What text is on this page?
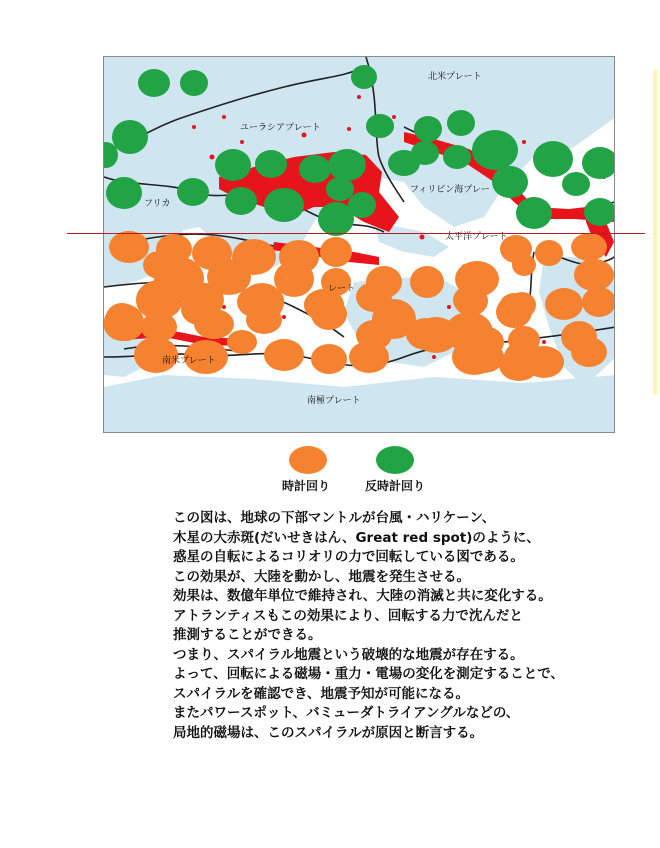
北米プレート
ユーラシアプレート
フリカ
フィリピン海プレー
太平洋プレート
レート
南米プレート
南極プレート
時計回り	反時計回り
この図は、地球の下部マントルが台風・ハリケーン、
木星の大赤斑(だいせきはん、Great red spot)のように、
惑星の自転によるコリオリの力で回転している図である。
この効果が、大陸を動かし、地震を発生させる。
効果は、数億年単位で維持され、大陸の消滅と共に変化する。
アトランティスもこの効果により、回転する力で沈んだと
推測することができる。
つまり、スパイラル地震という破壊的な地震が存在する。
よって、回転による磁場・重力・電場の変化を測定することで、
スパイラルを確認でき、地震予知が可能になる。
またパワースポット、バミューダトライアングルなどの、
局地的磁場は、このスパイラルが原因と断言する。
